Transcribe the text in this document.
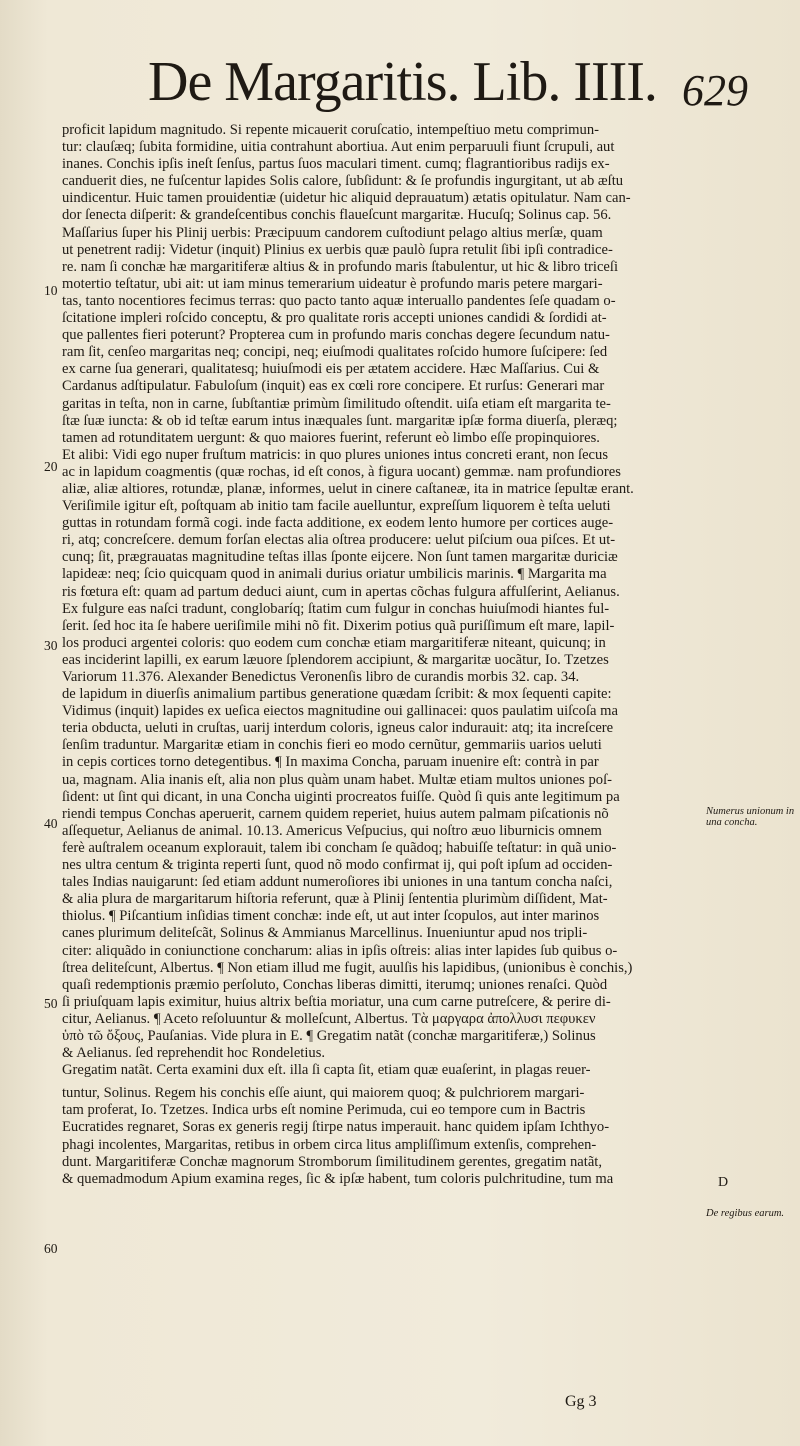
De Margaritis. Lib. IIII. 629
10
20
30
40
50
60
proficit lapidum magnitudo. Si repente micauerit coruſcatio, intempeſtiuo metu comprimun-
tur: clauſæq; ſubita formidine, uitia contrahunt abortiua. Aut enim perparuuli fiunt ſcrupuli, aut
inanes. Conchis ipſis ineſt ſenſus, partus ſuos maculari timent. cumq; flagrantioribus radijs ex-
canduerit dies, ne fuſcentur lapides Solis calore, ſubſidunt: & ſe profundis ingurgitant, ut ab æſtu
uindicentur. Huic tamen prouidentiæ (uidetur hic aliquid deprauatum) ætatis opitulatur. Nam can-
dor ſenecta diſperit: & grandeſcentibus conchis flaueſcunt margaritæ. Hucuſq; Solinus cap. 56.
Maſſarius ſuper his Plinij uerbis: Præcipuum candorem cuſtodiunt pelago altius merſæ, quam
ut penetrent radij: Videtur (inquit) Plinius ex uerbis quæ paulò ſupra retulit ſibi ipſi contradice-
re. nam ſi conchæ hæ margaritiferæ altius & in profundo maris ſtabulentur, ut hic & libro triceſi
motertio teſtatur, ubi ait: ut iam minus temerarium uideatur è profundo maris petere margari-
tas, tanto nocentiores fecimus terras: quo pacto tanto aquæ interuallo pandentes ſeſe quadam o-
ſcitatione impleri roſcido conceptu, & pro qualitate roris accepti uniones candidi & ſordidi at-
que pallentes fieri poterunt? Propterea cum in profundo maris conchas degere ſecundum natu-
ram ſit, cenſeo margaritas neq; concipi, neq; eiuſmodi qualitates roſcido humore ſuſcipere: ſed
ex carne ſua generari, qualitatesq; huiuſmodi eis per ætatem accidere. Hæc Maſſarius. Cui &
Cardanus adſtipulatur. Fabuloſum (inquit) eas ex cœli rore concipere. Et rurſus: Generari mar
garitas in teſta, non in carne, ſubſtantiæ primùm ſimilitudo oſtendit. uiſa etiam eſt margarita te-
ſtæ ſuæ iuncta: & ob id teſtæ earum intus inæquales ſunt. margaritæ ipſæ forma diuerſa, pleræq;
tamen ad rotunditatem uergunt: & quo maiores fuerint, referunt eò limbo eſſe propinquiores.
Et alibi: Vidi ego nuper fruſtum matricis: in quo plures uniones intus concreti erant, non ſecus
ac in lapidum coagmentis (quæ rochas, id eſt conos, à figura uocant) gemmæ. nam profundiores
aliæ, aliæ altiores, rotundæ, planæ, informes, uelut in cinere caſtaneæ, ita in matrice ſepultæ erant.
Veriſimile igitur eſt, poſtquam ab initio tam facile auelluntur, expreſſum liquorem è teſta ueluti
guttas in rotundam formã cogi. inde facta additione, ex eodem lento humore per cortices auge-
ri, atq; concreſcere. demum forſan electas alia oſtrea producere: uelut piſcium oua piſces. Et ut-
cunq; ſit, prægrauatas magnitudine teſtas illas ſponte eijcere. Non ſunt tamen margaritæ duriciæ
lapideæ: neq; ſcio quicquam quod in animali durius oriatur umbilicis marinis. ¶ Margarita ma
ris fœtura eſt: quam ad partum deduci aiunt, cum in apertas cõchas fulgura affulſerint, Aelianus.
Ex fulgure eas naſci tradunt, conglobaríq; ſtatim cum fulgur in conchas huiuſmodi hiantes ful-
ſerit. ſed hoc ita ſe habere ueriſimile mihi nõ fit. Dixerim potius quã puriſſimum eſt mare, lapil-
los produci argentei coloris: quo eodem cum conchæ etiam margaritiferæ niteant, quicunq; in
eas inciderint lapilli, ex earum læuore ſplendorem accipiunt, & margaritæ uocãtur, Io. Tzetzes
Variorum 11.376. Alexander Benedictus Veronenſis libro de curandis morbis 32. cap. 34.
de lapidum in diuerſis animalium partibus generatione quædam ſcribit: & mox ſequenti capite:
Vidimus (inquit) lapides ex ueſica eiectos magnitudine oui gallinacei: quos paulatim uiſcoſa ma
teria obducta, ueluti in cruſtas, uarij interdum coloris, igneus calor indurauit: atq; ita increſcere
ſenſim traduntur. Margaritæ etiam in conchis fieri eo modo cernũtur, gemmariis uarios ueluti
in cepis cortices torno detegentibus. ¶ In maxima Concha, paruam inuenire eſt: contrà in par
ua, magnam. Alia inanis eſt, alia non plus quàm unam habet. Multæ etiam multos uniones poſ-
ſident: ut ſint qui dicant, in una Concha uiginti procreatos fuiſſe. Quòd ſi quis ante legitimum pa
riendi tempus Conchas aperuerit, carnem quidem reperiet, huius autem palmam piſcationis nõ
aſſequetur, Aelianus de animal. 10.13. Americus Veſpucius, qui noſtro æuo liburnicis omnem
ferè auſtralem oceanum explorauit, talem ibi concham ſe quãdoq; habuiſſe teſtatur: in quã unio-
nes ultra centum & triginta reperti ſunt, quod nõ modo confirmat ij, qui poſt ipſum ad occiden-
tales Indias nauigarunt: ſed etiam addunt numeroſiores ibi uniones in una tantum concha naſci,
& alia plura de margaritarum hiſtoria referunt, quæ à Plinij ſententia plurimùm diſſident, Mat-
thiolus. ¶ Piſcantium inſidias timent conchæ: inde eſt, ut aut inter ſcopulos, aut inter marinos
canes plurimum deliteſcãt, Solinus & Ammianus Marcellinus. Inueniuntur apud nos tripli-
citer: aliquãdo in coniunctione concharum: alias in ipſis oſtreis: alias inter lapides ſub quibus o-
ſtrea deliteſcunt, Albertus. ¶ Non etiam illud me fugit, auulſis his lapidibus, (unionibus è conchis,)
quaſi redemptionis præmio perſoluto, Conchas liberas dimitti, iterumq; uniones renaſci. Quòd
ſi priuſquam lapis eximitur, huius altrix beſtia moriatur, una cum carne putreſcere, & perire di-
citur, Aelianus. ¶ Aceto reſoluuntur & molleſcunt, Albertus. Τὰ μαργαρα ἀπολλυσι πεφυκεν
ὑπὸ τῶ ὄξους, Pauſanias. Vide plura in E. ¶ Gregatim natãt (conchæ margaritiferæ,) Solinus
& Aelianus. ſed reprehendit hoc Rondeletius.
Gregatim natãt. Certa examini dux eſt. illa ſi capta ſit, etiam quæ euaſerint, in plagas reuer-
tuntur, Solinus. Regem his conchis eſſe aiunt, qui maiorem quoq; & pulchriorem margari-
tam proferat, Io. Tzetzes. Indica urbs eſt nomine Perimuda, cui eo tempore cum in Bactris
Eucratides regnaret, Soras ex generis regij ſtirpe natus imperauit. hanc quidem ipſam Ichthyo-
phagi incolentes, Margaritas, retibus in orbem circa litus ampliſſimum extenſis, comprehen-
dunt. Margaritiferæ Conchæ magnorum Stromborum ſimilitudinem gerentes, gregatim natãt,
& quemadmodum Apium examina reges, ſic & ipſæ habent, tum coloris pulchritudine, tum ma
Numerus unionum in una concha.
D
De regibus earum.
Gg 3
